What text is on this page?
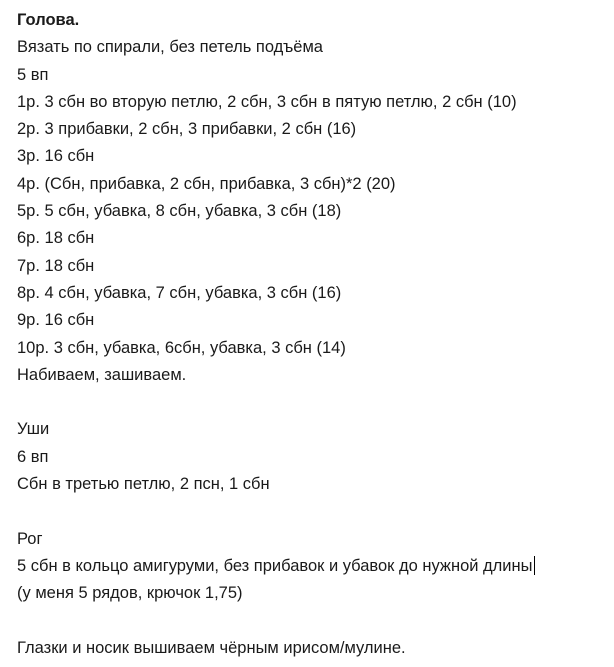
Голова.
Вязать по спирали, без петель подъёма
5 вп
1р. 3 сбн во вторую петлю, 2 сбн, 3 сбн в пятую петлю, 2 сбн (10)
2р. 3 прибавки, 2 сбн, 3 прибавки, 2 сбн (16)
3р. 16 сбн
4р. (Сбн, прибавка, 2 сбн, прибавка, 3 сбн)*2 (20)
5р. 5 сбн, убавка, 8 сбн, убавка, 3 сбн (18)
6р. 18 сбн
7р. 18 сбн
8р. 4 сбн, убавка, 7 сбн, убавка, 3 сбн (16)
9р. 16 сбн
10р. 3 сбн, убавка, 6сбн, убавка, 3 сбн (14)
Набиваем, зашиваем.
Уши
6 вп
Сбн в третью петлю, 2 псн, 1 сбн
Рог
5 сбн в кольцо амигуруми, без прибавок и убавок до нужной длины
(у меня 5 рядов, крючок 1,75)
Глазки и носик вышиваем чёрным ирисом/мулине.
